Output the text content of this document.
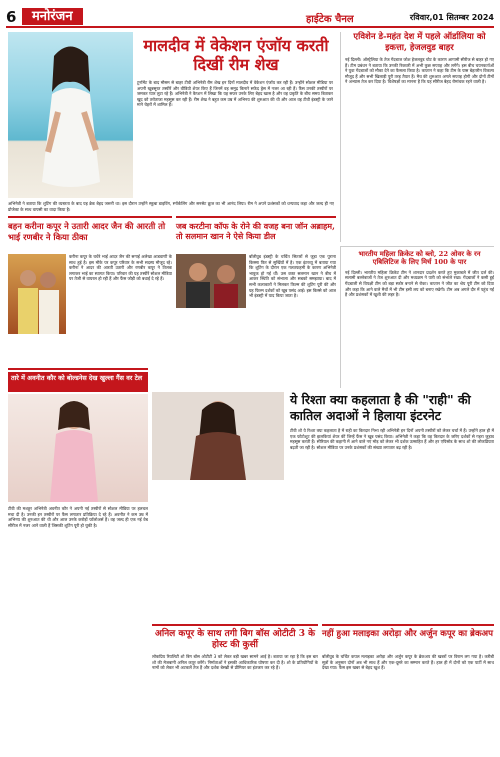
6	मनोरंजन	हाईटेक चैनल	रविवार,01 सितम्बर 2024
मालदीव में वेकेशन एंजॉय करती दिखीं रीम शेख
टूर्नामेंट के बाद मौसम से बाहर टीवी अभिनेत्री रीम शेख इन दिनों मालदीव में वेकेशन एंजॉय कर रही हैं। उन्होंने सोशल मीडिया पर अपनी खूबसूरत तस्वीरें और वीडियो शेयर किए हैं जिनमें वह समुद्र किनारे सफेद ड्रेस में नजर आ रही हैं। फैंस उनकी तस्वीरों पर जमकर प्यार लुटा रहे हैं। अभिनेत्री ने कैप्शन में लिखा कि यह सफर उनके लिए बेहद खास है और वह प्रकृति के बीच समय बिताकर खुद को तरोताजा महसूस कर रही हैं। रीम शेख ने बहुत कम उम्र में अभिनय की शुरुआत की थी और आज वह टीवी इंडस्ट्री के जाने माने चेहरों में शामिल हैं।
अभिनेत्री ने बताया कि शूटिंग की व्यस्तता के बाद यह ब्रेक बेहद जरूरी था। इस दौरान उन्होंने स्कूबा डाइविंग, स्नॉर्कलिंग और सनसेट क्रूज का भी आनंद लिया। रीम ने अपने प्रशंसकों को धन्यवाद कहा और जल्द ही नए प्रोजेक्ट के साथ वापसी का वादा किया है।
एविशेन डे-महंत देश में पहले ऑर्डालिया को इकत्ता, हेजलवुड बाहर
नई दिल्ली। ऑस्ट्रेलिया के तेज गेंदबाज जोश हेजलवुड चोट के कारण आगामी सीरीज से बाहर हो गए हैं। टीम प्रबंधन ने बताया कि उनकी रिकवरी में अभी कुछ सप्ताह और लगेंगे। इस बीच चयनकर्ताओं ने युवा गेंदबाजों को मौका देने का फैसला किया है। कप्तान ने कहा कि टीम के पास बेहतरीन विकल्प मौजूद हैं और सभी खिलाड़ी पूरी तरह तैयार हैं। मैच की शुरुआत अगले सप्ताह होगी और दोनों टीमों ने अभ्यास तेज कर दिया है। विशेषज्ञों का मानना है कि यह सीरीज बेहद रोमांचक रहने वाली है।
भारतीय महिला क्रिकेट को ब्लो, 22 ओवर के रन एबिलिटिज के लिए मिर्च 100 के पार
नई दिल्ली। भारतीय महिला क्रिकेट टीम ने शानदार प्रदर्शन करते हुए मुकाबले में जीत दर्ज की। सलामी बल्लेबाजों ने तेज शुरुआत दी और मध्यक्रम ने पारी को संभाले रखा। गेंदबाजों ने कसी हुई गेंदबाजी से विपक्षी टीम को बड़ा स्कोर बनाने से रोका। कप्तान ने जीत का श्रेय पूरी टीम को दिया और कहा कि आने वाले मैचों में भी टीम इसी लय को बनाए रखेगी। टीम अब अगले दौर में पहुंच गई है और प्रशंसकों में खुशी की लहर है।
बहन करीना कपूर ने उतारी आदर जैन की आरती तो भाई रणबीर ने किया ठीका
करीना कपूर के चचेरे भाई आदर जैन की सगाई अलेखा आडवाणी के साथ हुई है। इस मौके पर कपूर परिवार के सभी सदस्य मौजूद रहे। करीना ने आदर की आरती उतारी और रणबीर कपूर ने तिलक लगाकर भाई का स्वागत किया। परिवार की यह तस्वीरें सोशल मीडिया पर तेजी से वायरल हो रही हैं और फैंस जोड़ी को बधाई दे रहे हैं।
जब करटीना कॉफ के रोने की वजह बना जॉन अब्राहम, तो सलमान खान ने ऐसे किया डील
बॉलीवुड इंडस्ट्री के चर्चित सितारों से जुड़ा एक पुराना किस्सा फिर से सुर्खियों में है। एक इंटरव्यू में बताया गया कि शूटिंग के दौरान एक गलतफहमी के कारण अभिनेत्री भावुक हो गई थीं। उस वक्त सलमान खान ने बीच में आकर स्थिति को संभाला और सबको समझाया। बाद में सभी कलाकारों ने मिलकर फिल्म की शूटिंग पूरी की और यह फिल्म दर्शकों को खूब पसंद आई। इस किस्से को आज भी इंडस्ट्री में याद किया जाता है।
तारे में अवनीत कौर को बोल्डनेस देख खुल्ला गैंस वर टेल
टीवी की मशहूर अभिनेत्री अवनीत कौर ने अपनी नई तस्वीरों से सोशल मीडिया पर हलचल मचा दी है। उनकी इन तस्वीरों पर फैंस लगातार प्रतिक्रिया दे रहे हैं। अवनीत ने कम उम्र में अभिनय की शुरुआत की थी और आज उनके करोड़ों फॉलोअर्स हैं। वह जल्द ही एक नई वेब सीरीज में नजर आने वाली हैं जिसकी शूटिंग पूरी हो चुकी है।
ये रिश्ता क्या कहलाता है की "राही" की कातिल अदाओं ने हिलाया इंटरनेट
टीवी शो ये रिश्ता क्या कहलाता है में राही का किरदार निभा रही अभिनेत्री इन दिनों अपनी तस्वीरों को लेकर चर्चा में हैं। उन्होंने हाल ही में एक फोटोशूट की झलकियां शेयर कीं जिन्हें फैंस ने खूब पसंद किया। अभिनेत्री ने कहा कि वह किरदार के जरिए दर्शकों से गहरा जुड़ाव महसूस करती हैं। सीरियल की कहानी में आने वाले नए मोड़ को लेकर भी दर्शक उत्साहित हैं और हर एपिसोड के साथ शो की लोकप्रियता बढ़ती जा रही है। सोशल मीडिया पर उनके प्रशंसकों की संख्या लगातार बढ़ रही है।
अनिल कपूर के साथ तगी बिग बॉस ओटीटी 3 के होस्ट की कुर्सी
लोकप्रिय रियलिटी शो बिग बॉस ओटीटी 3 को लेकर बड़ी खबर सामने आई है। बताया जा रहा है कि इस बार शो की मेजबानी अनिल कपूर करेंगे। निर्माताओं ने इसकी आधिकारिक घोषणा कर दी है। शो के प्रतियोगियों के नामों को लेकर भी अटकलें तेज हैं और दर्शक बेसब्री से प्रीमियर का इंतजार कर रहे हैं।
नहीं हुआ मलाइका अरोड़ा और अर्जुन कपूर का ब्रेकअप
बॉलीवुड के चर्चित कपल मलाइका अरोड़ा और अर्जुन कपूर के ब्रेकअप की खबरों पर विराम लग गया है। करीबी सूत्रों के अनुसार दोनों अब भी साथ हैं और एक-दूसरे का सम्मान करते हैं। हाल ही में दोनों को एक पार्टी में साथ देखा गया। फैंस इस खबर से बेहद खुश हैं।
